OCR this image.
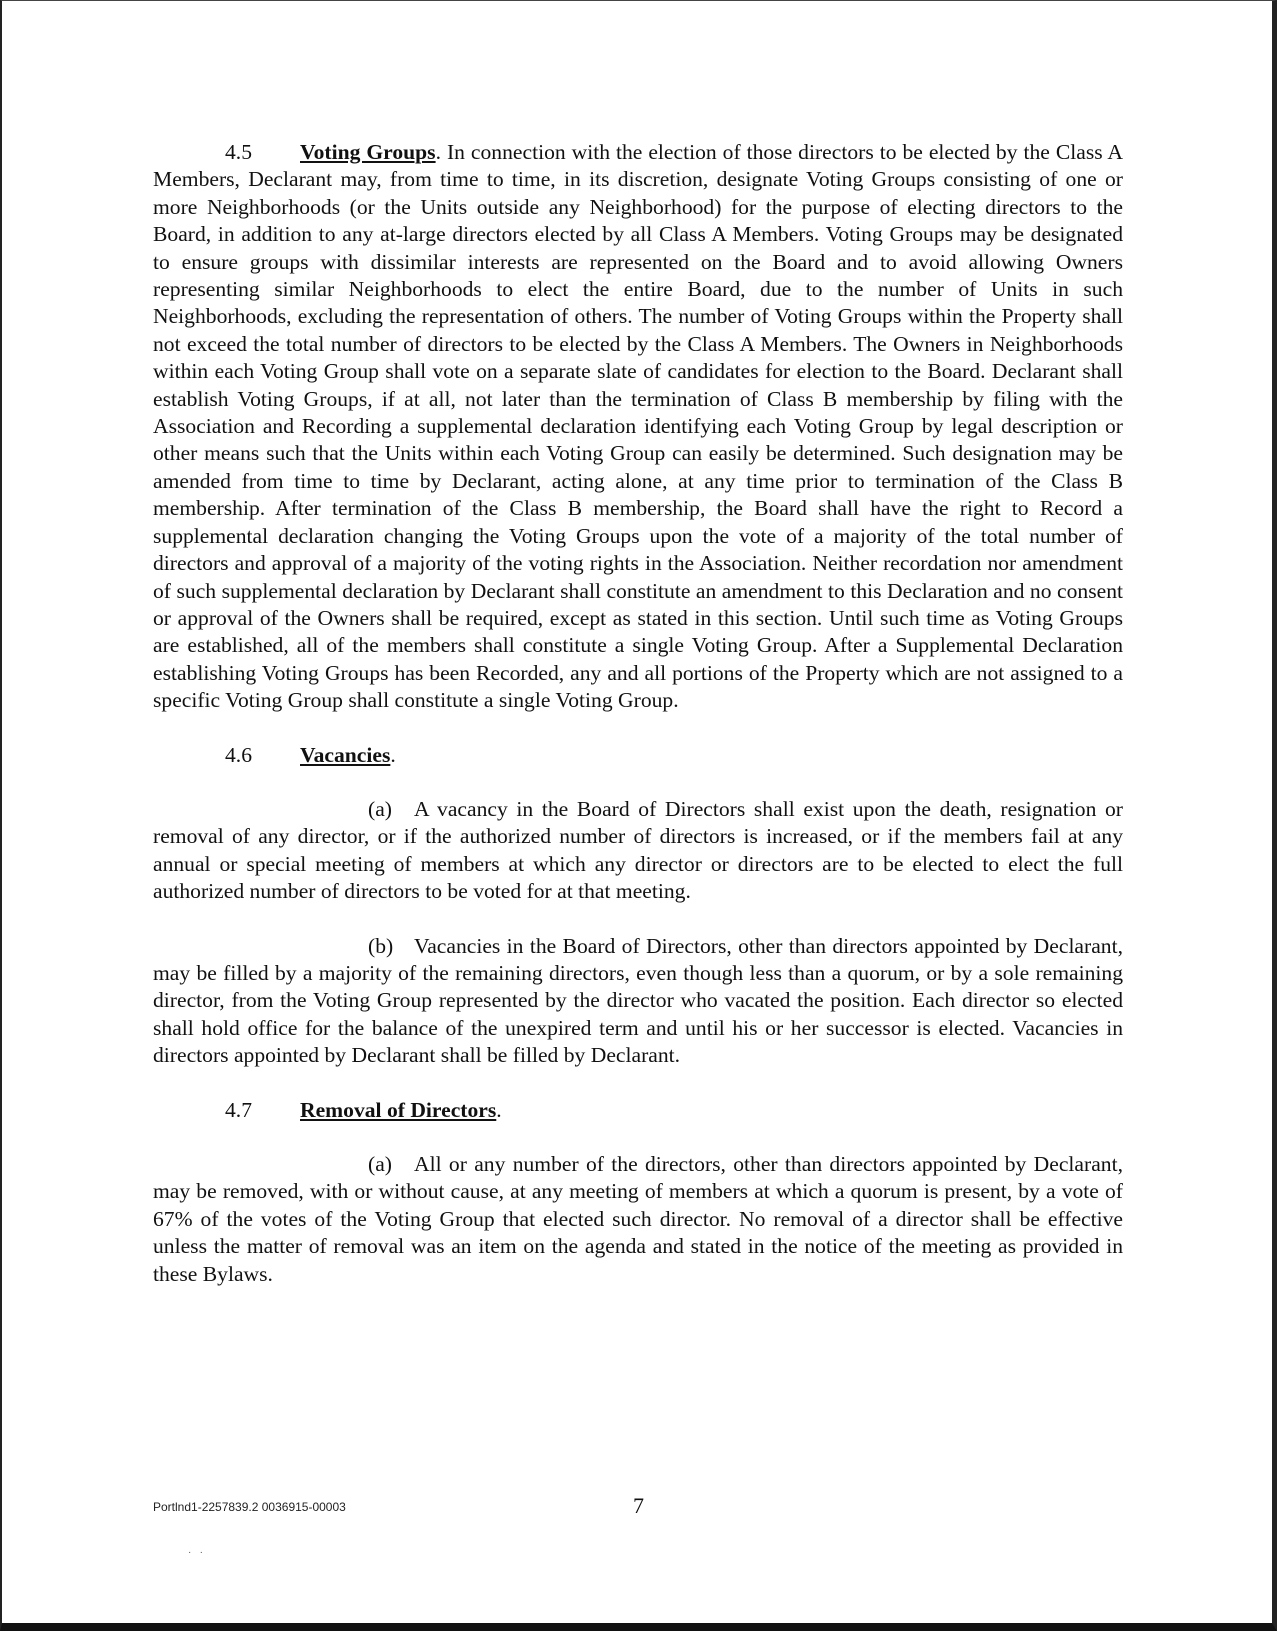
4.5 Voting Groups. In connection with the election of those directors to be elected by the Class A Members, Declarant may, from time to time, in its discretion, designate Voting Groups consisting of one or more Neighborhoods (or the Units outside any Neighborhood) for the purpose of electing directors to the Board, in addition to any at-large directors elected by all Class A Members. Voting Groups may be designated to ensure groups with dissimilar interests are represented on the Board and to avoid allowing Owners representing similar Neighborhoods to elect the entire Board, due to the number of Units in such Neighborhoods, excluding the representation of others. The number of Voting Groups within the Property shall not exceed the total number of directors to be elected by the Class A Members. The Owners in Neighborhoods within each Voting Group shall vote on a separate slate of candidates for election to the Board. Declarant shall establish Voting Groups, if at all, not later than the termination of Class B membership by filing with the Association and Recording a supplemental declaration identifying each Voting Group by legal description or other means such that the Units within each Voting Group can easily be determined. Such designation may be amended from time to time by Declarant, acting alone, at any time prior to termination of the Class B membership. After termination of the Class B membership, the Board shall have the right to Record a supplemental declaration changing the Voting Groups upon the vote of a majority of the total number of directors and approval of a majority of the voting rights in the Association. Neither recordation nor amendment of such supplemental declaration by Declarant shall constitute an amendment to this Declaration and no consent or approval of the Owners shall be required, except as stated in this section. Until such time as Voting Groups are established, all of the members shall constitute a single Voting Group. After a Supplemental Declaration establishing Voting Groups has been Recorded, any and all portions of the Property which are not assigned to a specific Voting Group shall constitute a single Voting Group.

4.6 Vacancies.

(a) A vacancy in the Board of Directors shall exist upon the death, resignation or removal of any director, or if the authorized number of directors is increased, or if the members fail at any annual or special meeting of members at which any director or directors are to be elected to elect the full authorized number of directors to be voted for at that meeting.

(b) Vacancies in the Board of Directors, other than directors appointed by Declarant, may be filled by a majority of the remaining directors, even though less than a quorum, or by a sole remaining director, from the Voting Group represented by the director who vacated the position. Each director so elected shall hold office for the balance of the unexpired term and until his or her successor is elected. Vacancies in directors appointed by Declarant shall be filled by Declarant.

4.7 Removal of Directors.

(a) All or any number of the directors, other than directors appointed by Declarant, may be removed, with or without cause, at any meeting of members at which a quorum is present, by a vote of 67% of the votes of the Voting Group that elected such director. No removal of a director shall be effective unless the matter of removal was an item on the agenda and stated in the notice of the meeting as provided in these Bylaws.

Portlnd1-2257839.2 0036915-00003	7
·   ·
